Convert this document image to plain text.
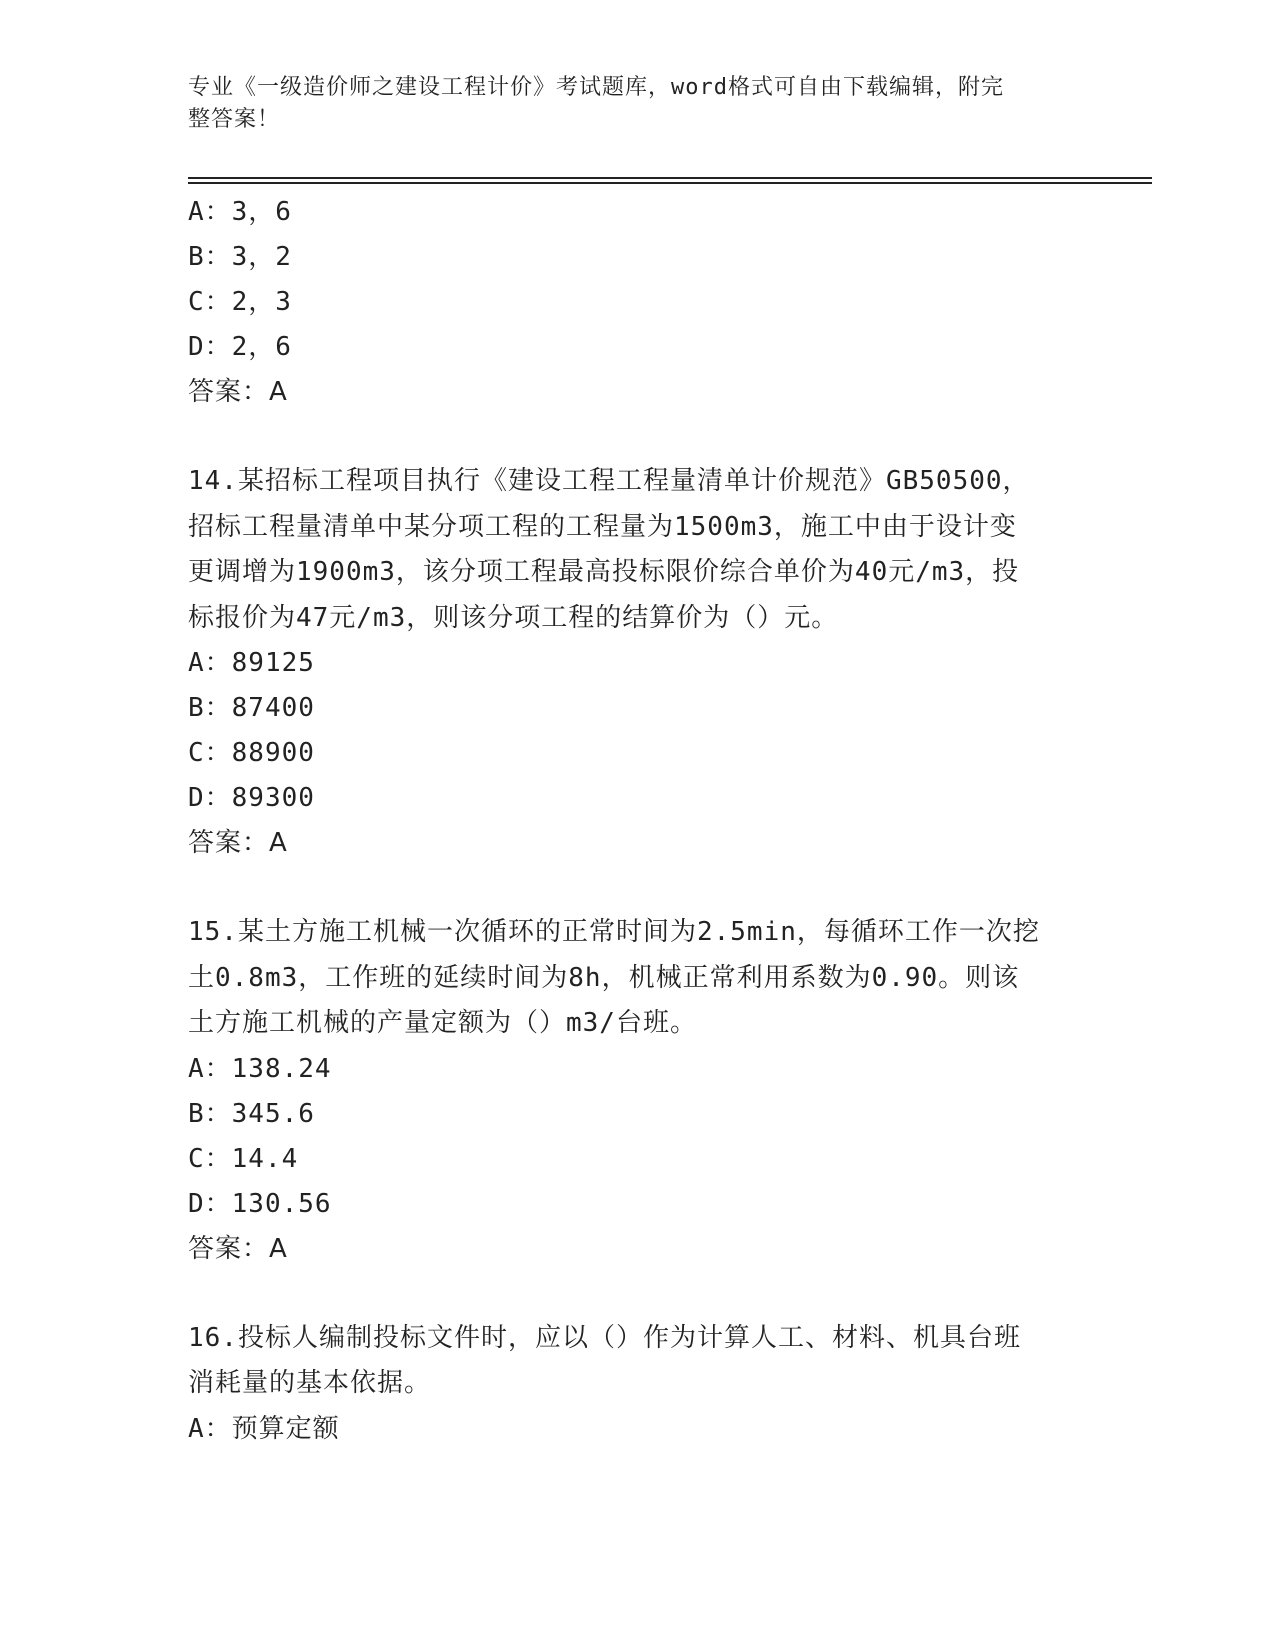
专业《一级造价师之建设工程计价》考试题库，word格式可自由下载编辑，附完
整答案！
A：3，6
B：3，2
C：2，3
D：2，6
答案：A
14.某招标工程项目执行《建设工程工程量清单计价规范》GB50500，
招标工程量清单中某分项工程的工程量为1500m3，施工中由于设计变
更调增为1900m3，该分项工程最高投标限价综合单价为40元/m3，投
标报价为47元/m3，则该分项工程的结算价为（）元。
A：89125
B：87400
C：88900
D：89300
答案：A
15.某土方施工机械一次循环的正常时间为2.5min，每循环工作一次挖
土0.8m3，工作班的延续时间为8h，机械正常利用系数为0.90。则该
土方施工机械的产量定额为（）m3/台班。
A：138.24
B：345.6
C：14.4
D：130.56
答案：A
16.投标人编制投标文件时，应以（）作为计算人工、材料、机具台班
消耗量的基本依据。
A：预算定额
